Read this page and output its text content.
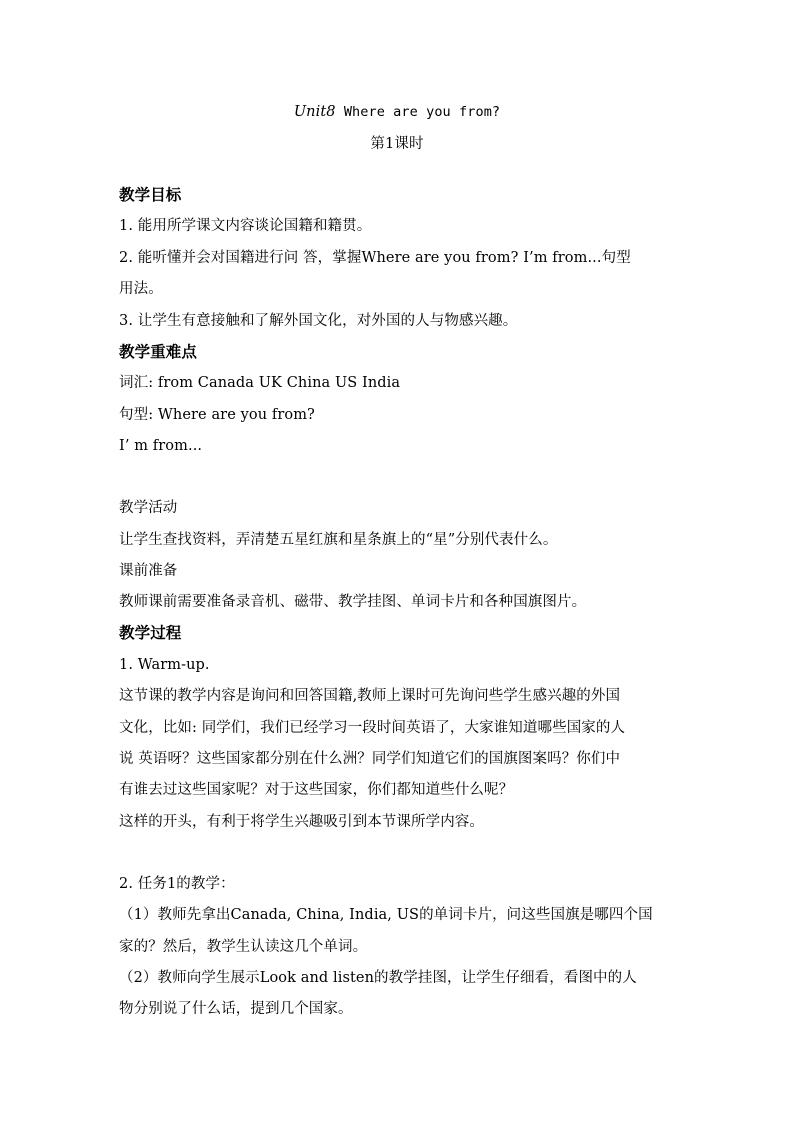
Unit8 Where are you from?
第1课时
教学目标
1. 能用所学课文内容谈论国籍和籍贯。
2. 能听懂并会对国籍进行问 答，掌握Where are you from? I’m from...句型
用法。
3. 让学生有意接触和了解外国文化，对外国的人与物感兴趣。
教学重难点
词汇: from Canada UK China US India
句型: Where are you from?
I’ m from...
教学活动
让学生查找资料，弄清楚五星红旗和星条旗上的“星”分别代表什么。
课前准备
教师课前需要准备录音机、磁带、教学挂图、单词卡片和各种国旗图片。
教学过程
1. Warm-up.
这节课的教学内容是询问和回答国籍,教师上课时可先询问些学生感兴趣的外国
文化，比如: 同学们，我们已经学习一段时间英语了，大家谁知道哪些国家的人
说 英语呀？这些国家都分别在什么洲？同学们知道它们的国旗图案吗？你们中
有谁去过这些国家呢？对于这些国家，你们都知道些什么呢？
这样的开头，有利于将学生兴趣吸引到本节课所学内容。
2. 任务1的教学：
（1）教师先拿出Canada, China, India, US的单词卡片，问这些国旗是哪四个国
家的？然后，教学生认读这几个单词。
（2）教师向学生展示Look and listen的教学挂图，让学生仔细看，看图中的人
物分别说了什么话，提到几个国家。
